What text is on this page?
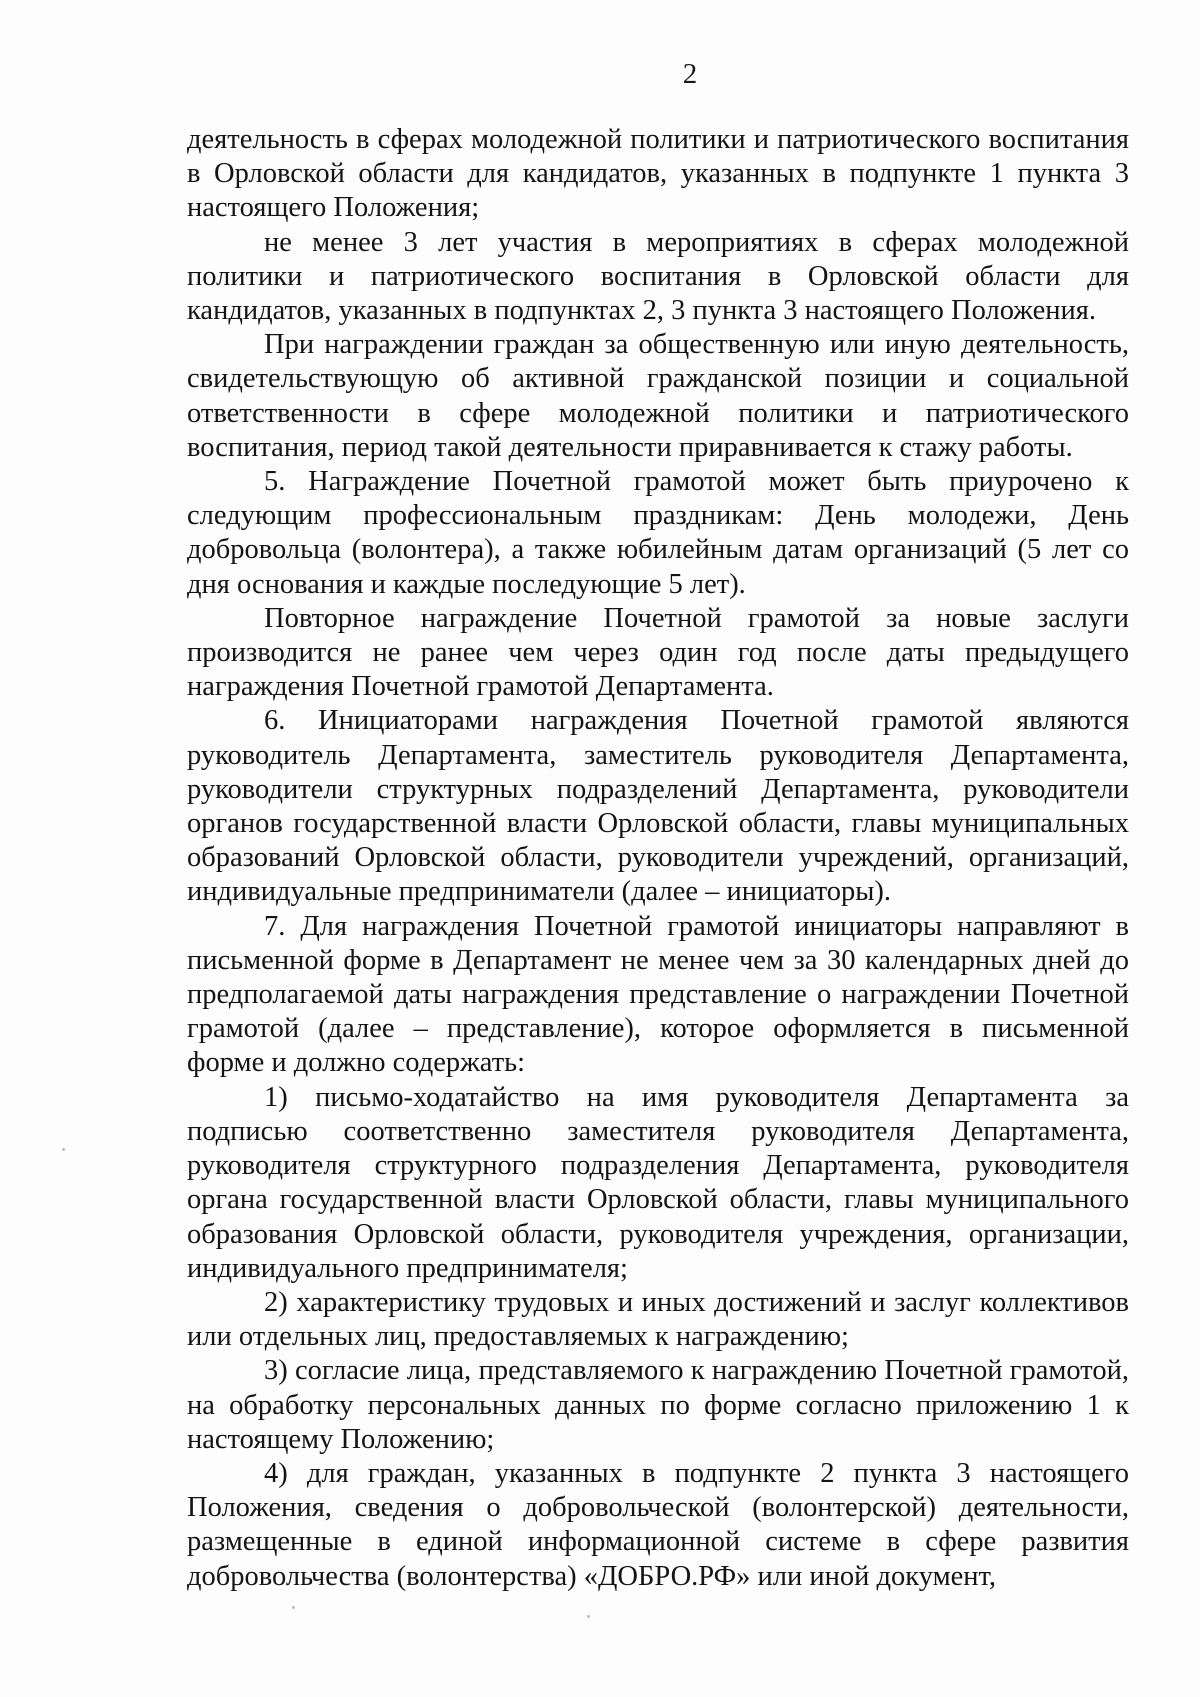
2

деятельность в сферах молодежной политики и патриотического воспитания в Орловской области для кандидатов, указанных в подпункте 1 пункта 3 настоящего Положения;

не менее 3 лет участия в мероприятиях в сферах молодежной политики и патриотического воспитания в Орловской области для кандидатов, указанных в подпунктах 2, 3 пункта 3 настоящего Положения.

При награждении граждан за общественную или иную деятельность, свидетельствующую об активной гражданской позиции и социальной ответственности в сфере молодежной политики и патриотического воспитания, период такой деятельности приравнивается к стажу работы.

5. Награждение Почетной грамотой может быть приурочено к следующим профессиональным праздникам: День молодежи, День добровольца (волонтера), а также юбилейным датам организаций (5 лет со дня основания и каждые последующие 5 лет).

Повторное награждение Почетной грамотой за новые заслуги производится не ранее чем через один год после даты предыдущего награждения Почетной грамотой Департамента.

6. Инициаторами награждения Почетной грамотой являются руководитель Департамента, заместитель руководителя Департамента, руководители структурных подразделений Департамента, руководители органов государственной власти Орловской области, главы муниципальных образований Орловской области, руководители учреждений, организаций, индивидуальные предприниматели (далее – инициаторы).

7. Для награждения Почетной грамотой инициаторы направляют в письменной форме в Департамент не менее чем за 30 календарных дней до предполагаемой даты награждения представление о награждении Почетной грамотой (далее – представление), которое оформляется в письменной форме и должно содержать:

1) письмо-ходатайство на имя руководителя Департамента за подписью соответственно заместителя руководителя Департамента, руководителя структурного подразделения Департамента, руководителя органа государственной власти Орловской области, главы муниципального образования Орловской области, руководителя учреждения, организации, индивидуального предпринимателя;

2) характеристику трудовых и иных достижений и заслуг коллективов или отдельных лиц, предоставляемых к награждению;

3) согласие лица, представляемого к награждению Почетной грамотой, на обработку персональных данных по форме согласно приложению 1 к настоящему Положению;

4) для граждан, указанных в подпункте 2 пункта 3 настоящего Положения, сведения о добровольческой (волонтерской) деятельности, размещенные в единой информационной системе в сфере развития добровольчества (волонтерства) «ДОБРО.РФ» или иной документ,
